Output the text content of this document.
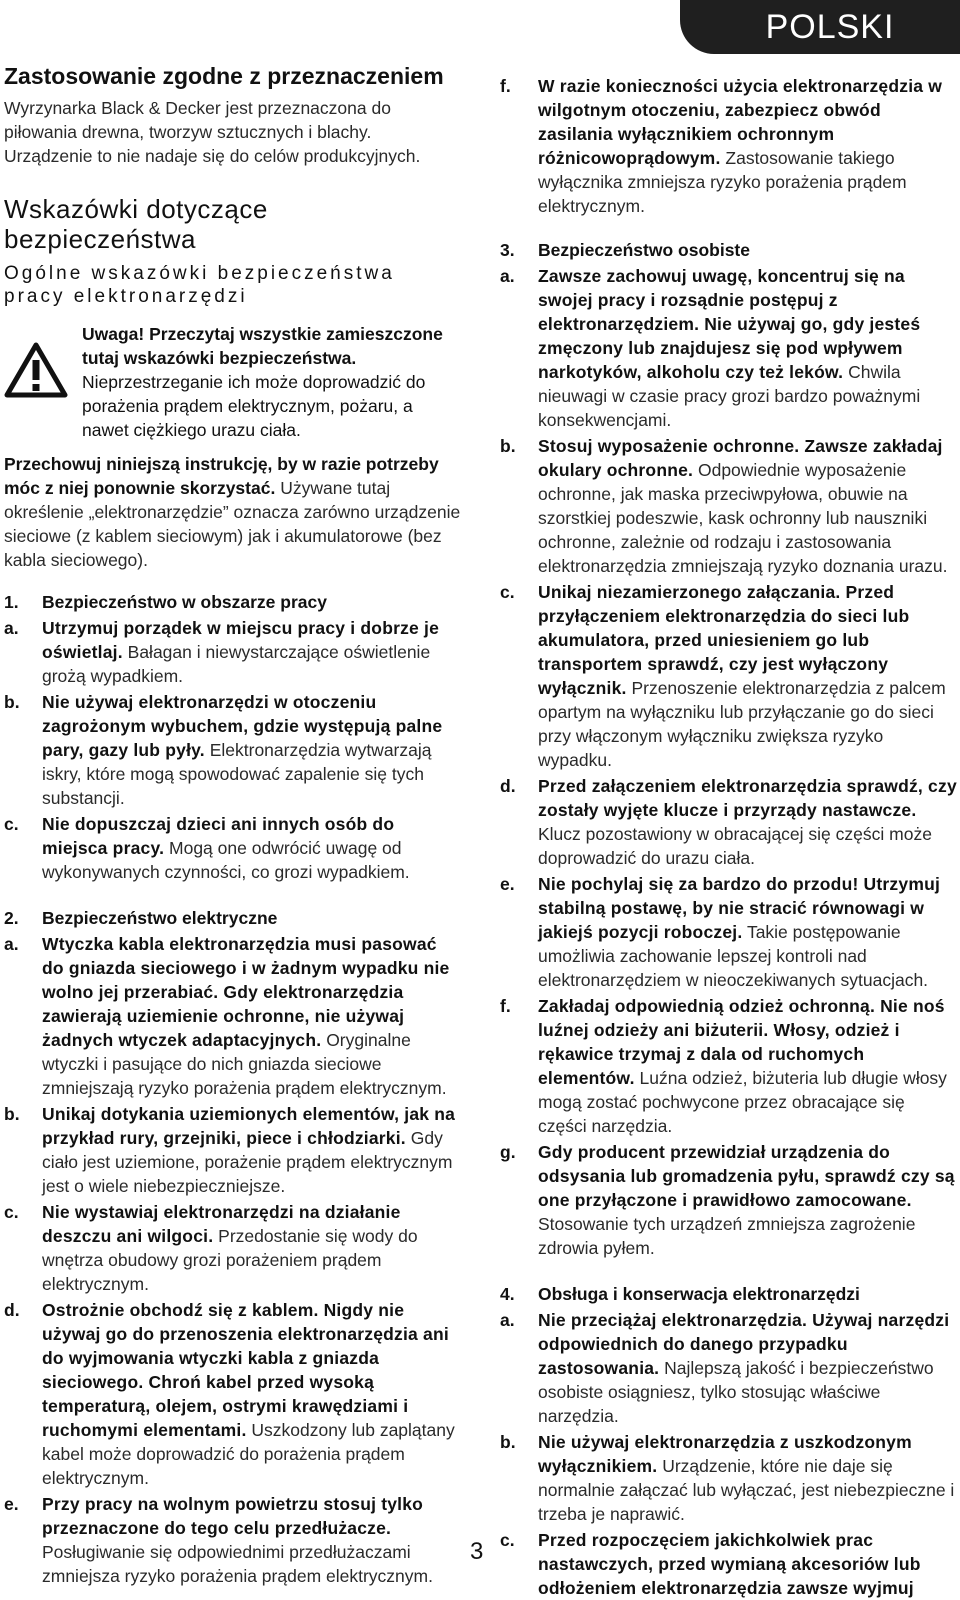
POLSKI
Zastosowanie zgodne z przeznaczeniem

Wyrzynarka Black & Decker jest przeznaczona do piłowania drewna, tworzyw sztucznych i blachy. Urządzenie to nie nadaje się do celów produkcyjnych.

Wskazówki dotyczące bezpieczeństwa
Ogólne wskazówki bezpieczeństwa pracy elektronarzędzi
Uwaga! Przeczytaj wszystkie zamieszczone tutaj wskazówki bezpieczeństwa. Nieprzestrzeganie ich może doprowadzić do porażenia prądem elektrycznym, pożaru, a nawet ciężkiego urazu ciała.
Przechowuj niniejszą instrukcję, by w razie potrzeby móc z niej ponownie skorzystać. Używane tutaj określenie „elektronarzędzie” oznacza zarówno urządzenie sieciowe (z kablem sieciowym) jak i akumulatorowe (bez kabla sieciowego).
1.	Bezpieczeństwo w obszarze pracy
a.	Utrzymuj porządek w miejscu pracy i dobrze je oświetlaj. Bałagan i niewystarczające oświetlenie grożą wypadkiem.
b.	Nie używaj elektronarzędzi w otoczeniu zagrożonym wybuchem, gdzie występują palne pary, gazy lub pyły. Elektronarzędzia wytwarzają iskry, które mogą spowodować zapalenie się tych substancji.
c.	Nie dopuszczaj dzieci ani innych osób do miejsca pracy. Mogą one odwrócić uwagę od wykonywanych czynności, co grozi wypadkiem.
2.	Bezpieczeństwo elektryczne
a.	Wtyczka kabla elektronarzędzia musi pasować do gniazda sieciowego i w żadnym wypadku nie wolno jej przerabiać. Gdy elektronarzędzia zawierają uziemienie ochronne, nie używaj żadnych wtyczek adaptacyjnych. Oryginalne wtyczki i pasujące do nich gniazda sieciowe zmniejszają ryzyko porażenia prądem elektrycznym.
b.	Unikaj dotykania uziemionych elementów, jak na przykład rury, grzejniki, piece i chłodziarki. Gdy ciało jest uziemione, porażenie prądem elektrycznym jest o wiele niebezpieczniejsze.
c.	Nie wystawiaj elektronarzędzi na działanie deszczu ani wilgoci. Przedostanie się wody do wnętrza obudowy grozi porażeniem prądem elektrycznym.
d.	Ostrożnie obchodź się z kablem. Nigdy nie używaj go do przenoszenia elektronarzędzia ani do wyjmowania wtyczki kabla z gniazda sieciowego. Chroń kabel przed wysoką temperaturą, olejem, ostrymi krawędziami i ruchomymi elementami. Uszkodzony lub zaplątany kabel może doprowadzić do porażenia prądem elektrycznym.
e.	Przy pracy na wolnym powietrzu stosuj tylko przeznaczone do tego celu przedłużacze. Posługiwanie się odpowiednimi przedłużaczami zmniejsza ryzyko porażenia prądem elektrycznym.
f.	W razie konieczności użycia elektronarzędzia w wilgotnym otoczeniu, zabezpiecz obwód zasilania wyłącznikiem ochronnym różnicowoprądowym. Zastosowanie takiego wyłącznika zmniejsza ryzyko porażenia prądem elektrycznym.
3.	Bezpieczeństwo osobiste
a.	Zawsze zachowuj uwagę, koncentruj się na swojej pracy i rozsądnie postępuj z elektronarzędziem. Nie używaj go, gdy jesteś zmęczony lub znajdujesz się pod wpływem narkotyków, alkoholu czy też leków. Chwila nieuwagi w czasie pracy grozi bardzo poważnymi konsekwencjami.
b.	Stosuj wyposażenie ochronne. Zawsze zakładaj okulary ochronne. Odpowiednie wyposażenie ochronne, jak maska przeciwpyłowa, obuwie na szorstkiej podeszwie, kask ochronny lub nauszniki ochronne, zależnie od rodzaju i zastosowania elektronarzędzia zmniejszają ryzyko doznania urazu.
c.	Unikaj niezamierzonego załączania. Przed przyłączeniem elektronarzędzia do sieci lub akumulatora, przed uniesieniem go lub transportem sprawdź, czy jest wyłączony wyłącznik. Przenoszenie elektronarzędzia z palcem opartym na wyłączniku lub przyłączanie go do sieci przy włączonym wyłączniku zwiększa ryzyko wypadku.
d.	Przed załączeniem elektronarzędzia sprawdź, czy zostały wyjęte klucze i przyrządy nastawcze. Klucz pozostawiony w obracającej się części może doprowadzić do urazu ciała.
e.	Nie pochylaj się za bardzo do przodu! Utrzymuj stabilną postawę, by nie stracić równowagi w jakiejś pozycji roboczej. Takie postępowanie umożliwia zachowanie lepszej kontroli nad elektronarzędziem w nieoczekiwanych sytuacjach.
f.	Zakładaj odpowiednią odzież ochronną. Nie noś luźnej odzieży ani biżuterii. Włosy, odzież i rękawice trzymaj z dala od ruchomych elementów. Luźna odzież, biżuteria lub długie włosy mogą zostać pochwycone przez obracające się części narzędzia.
g.	Gdy producent przewidział urządzenia do odsysania lub gromadzenia pyłu, sprawdź czy są one przyłączone i prawidłowo zamocowane. Stosowanie tych urządzeń zmniejsza zagrożenie zdrowia pyłem.
4.	Obsługa i konserwacja elektronarzędzi
a.	Nie przeciążaj elektronarzędzia. Używaj narzędzi odpowiednich do danego przypadku zastosowania. Najlepszą jakość i bezpieczeństwo osobiste osiągniesz, tylko stosując właściwe narzędzia.
b.	Nie używaj elektronarzędzia z uszkodzonym wyłącznikiem. Urządzenie, które nie daje się normalnie załączać lub wyłączać, jest niebezpieczne i trzeba je naprawić.
c.	Przed rozpoczęciem jakichkolwiek prac nastawczych, przed wymianą akcesoriów lub odłożeniem elektronarzędzia zawsze wyjmuj
3
